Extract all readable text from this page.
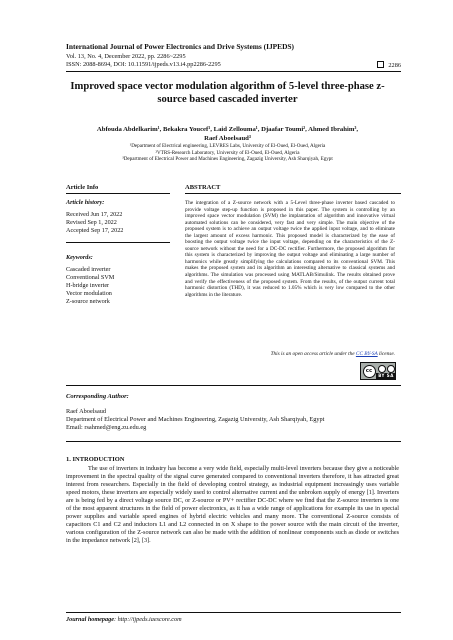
International Journal of Power Electronics and Drive Systems (IJPEDS)
Vol. 13, No. 4, December 2022, pp. 2286~2295
ISSN: 2088-8694, DOI: 10.11591/ijpeds.v13.i4.pp2286-2295	2286
Improved space vector modulation algorithm of 5-level three-phase z-source based cascaded inverter
Abfouda Abdelkarim¹, Bekakra Youcef¹, Laid Zellouma¹, Djaafar Toumi², Ahmed Ibrahim³,
Raef Aboelsaud³
¹Department of Electrical engineering, LEVRES Labs, University of El-Oued, El-Oued, Algeria
²VTRS-Research Laboratory, University of El-Oued, El-Oued, Algeria
³Department of Electrical Power and Machines Engineering, Zagazig University, Ash Sharqiyah, Egypt
Article Info	ABSTRACT
Article history:
Received Jun 17, 2022
Revised Sep 1, 2022
Accepted Sep 17, 2022
Keywords:
Cascaded inverter
Conventional SVM
H-bridge inverter
Vector modulation
Z-source network
The integration of a Z-source network with a 5-Level three-phase inverter based cascaded to provide voltage step-up function is proposed in this paper. The system is controlling by an improved space vector modulation (SVM) the implantation of algorithm and innovative virtual automated solutions can be considered, very fast and very simple. The main objective of the proposed system is to achieve an output voltage twice the applied input voltage, and to eliminate the largest amount of excess harmonic. This proposed model is characterized by the ease of boosting the output voltage twice the input voltage, depending on the characteristics of the Z-source network without the need for a DC-DC rectifier. Furthermore, the proposed algorithm for this system is characterized by improving the output voltage and eliminating a large number of harmonics while greatly simplifying the calculations compared to its conventional SVM. This makes the proposed system and its algorithm an interesting alternative to classical systems and algorithms. The simulation was processed using MATLAB/Simulink. The results obtained prove and verify the effectiveness of the proposed system. From the results, of the output current total harmonic distortion (THD), it was reduced to 1.05% which is very low compared to the other algorithms in the literature.
This is an open access article under the CC BY-SA license.
cc
BY SA
Corresponding Author:
Raef Aboelsaud
Department of Electrical Power and Machines Engineering, Zagazig University, Ash Sharqiyah, Egypt
Email: rsahmed@eng.zu.edu.eg
1. INTRODUCTION
The use of inverters in industry has become a very wide field, especially multi-level inverters because they give a noticeable improvement in the spectral quality of the signal curve generated compared to conventional inverters therefore, it has attracted great interest from researchers. Especially in the field of developing control strategy, as industrial equipment increasingly uses variable speed motors, these inverters are especially widely used to control alternative current and the unbroken supply of energy [1]. Inverters are is being fed by a direct voltage source DC, or Z-source or PV+ rectifier DC-DC where we find that the Z-source inverters is one of the most apparent structures in the field of power electronics, as it has a wide range of applications for example its use in special power supplies and variable speed engines of hybrid electric vehicles and many more. The conventional Z-source consists of capacitors C1 and C2 and inductors L1 and L2 connected in on X shape to the power source with the main circuit of the inverter, various configuration of the Z-source network can also be made with the addition of nonlinear components such as diode or switches in the impedance network [2], [3].
Journal homepage: http://ijpeds.iaescore.com
